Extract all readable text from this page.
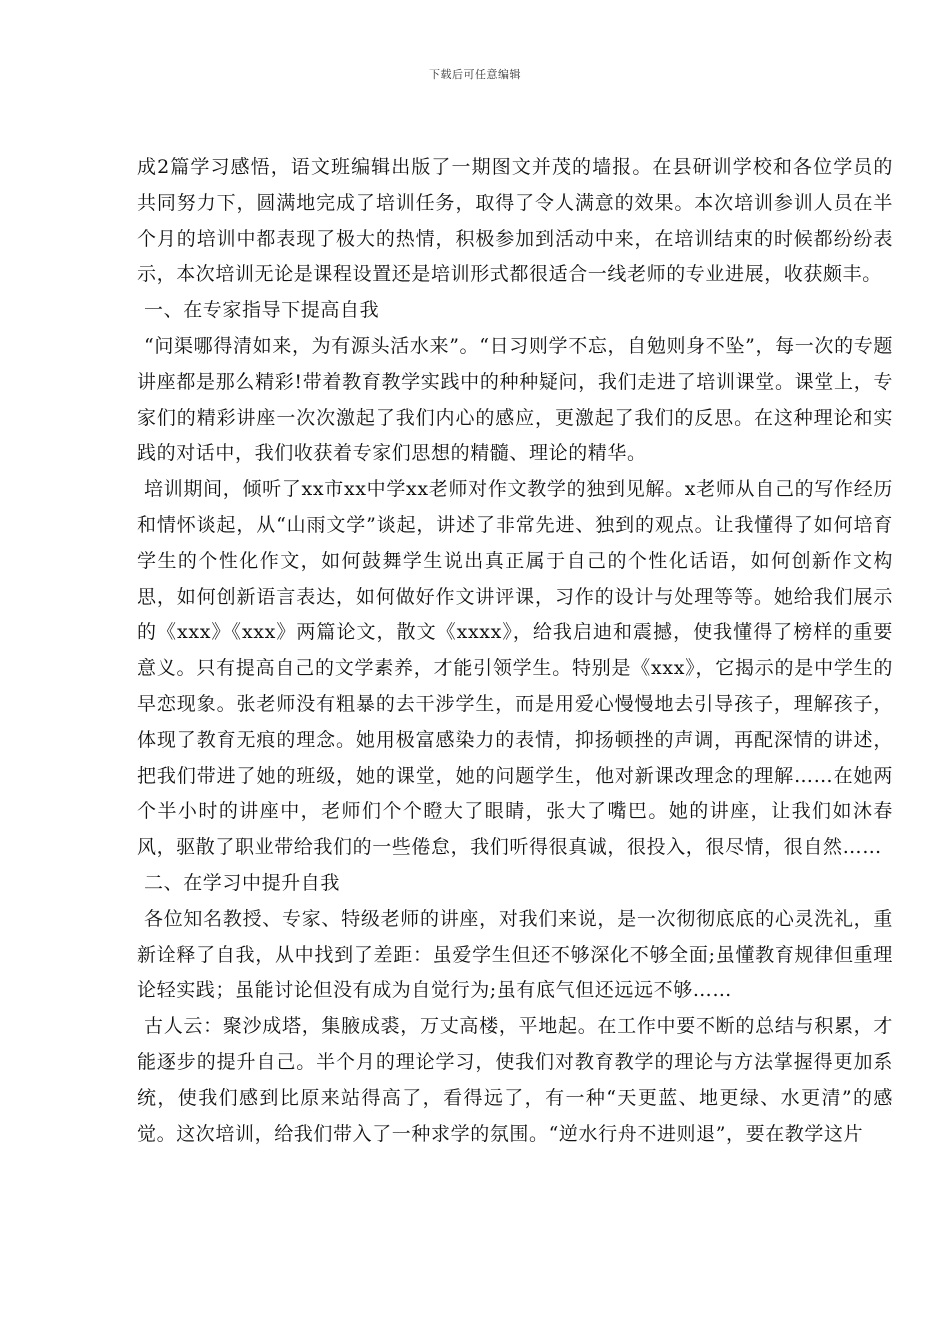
下载后可任意编辑

成2篇学习感悟，语文班编辑出版了一期图文并茂的墙报。在县研训学校和各位学员的共同努力下，圆满地完成了培训任务，取得了令人满意的效果。本次培训参训人员在半个月的培训中都表现了极大的热情，积极参加到活动中来，在培训结束的时候都纷纷表示，本次培训无论是课程设置还是培训形式都很适合一线老师的专业进展，收获颇丰。

一、在专家指导下提高自我

“问渠哪得清如来，为有源头活水来”。“日习则学不忘，自勉则身不坠”，每一次的专题讲座都是那么精彩!带着教育教学实践中的种种疑问，我们走进了培训课堂。课堂上，专家们的精彩讲座一次次激起了我们内心的感应，更激起了我们的反思。在这种理论和实践的对话中，我们收获着专家们思想的精髓、理论的精华。

培训期间，倾听了xx市xx中学xx老师对作文教学的独到见解。x老师从自己的写作经历和情怀谈起，从“山雨文学”谈起，讲述了非常先进、独到的观点。让我懂得了如何培育学生的个性化作文，如何鼓舞学生说出真正属于自己的个性化话语，如何创新作文构思，如何创新语言表达，如何做好作文讲评课，习作的设计与处理等等。她给我们展示的《xxx》《xxx》两篇论文，散文《xxxx》，给我启迪和震撼，使我懂得了榜样的重要意义。只有提高自己的文学素养，才能引领学生。特别是《xxx》，它揭示的是中学生的早恋现象。张老师没有粗暴的去干涉学生，而是用爱心慢慢地去引导孩子，理解孩子，体现了教育无痕的理念。她用极富感染力的表情，抑扬顿挫的声调，再配深情的讲述，把我们带进了她的班级，她的课堂，她的问题学生，他对新课改理念的理解……在她两个半小时的讲座中，老师们个个瞪大了眼睛，张大了嘴巴。她的讲座，让我们如沐春风，驱散了职业带给我们的一些倦怠，我们听得很真诚，很投入，很尽情，很自然……

二、在学习中提升自我

各位知名教授、专家、特级老师的讲座，对我们来说，是一次彻彻底底的心灵洗礼，重新诠释了自我，从中找到了差距：虽爱学生但还不够深化不够全面;虽懂教育规律但重理论轻实践；虽能讨论但没有成为自觉行为;虽有底气但还远远不够……

古人云：聚沙成塔，集腋成裘，万丈高楼，平地起。在工作中要不断的总结与积累，才能逐步的提升自己。半个月的理论学习，使我们对教育教学的理论与方法掌握得更加系统，使我们感到比原来站得高了，看得远了，有一种“天更蓝、地更绿、水更清”的感觉。这次培训，给我们带入了一种求学的氛围。“逆水行舟不进则退”，要在教学这片
